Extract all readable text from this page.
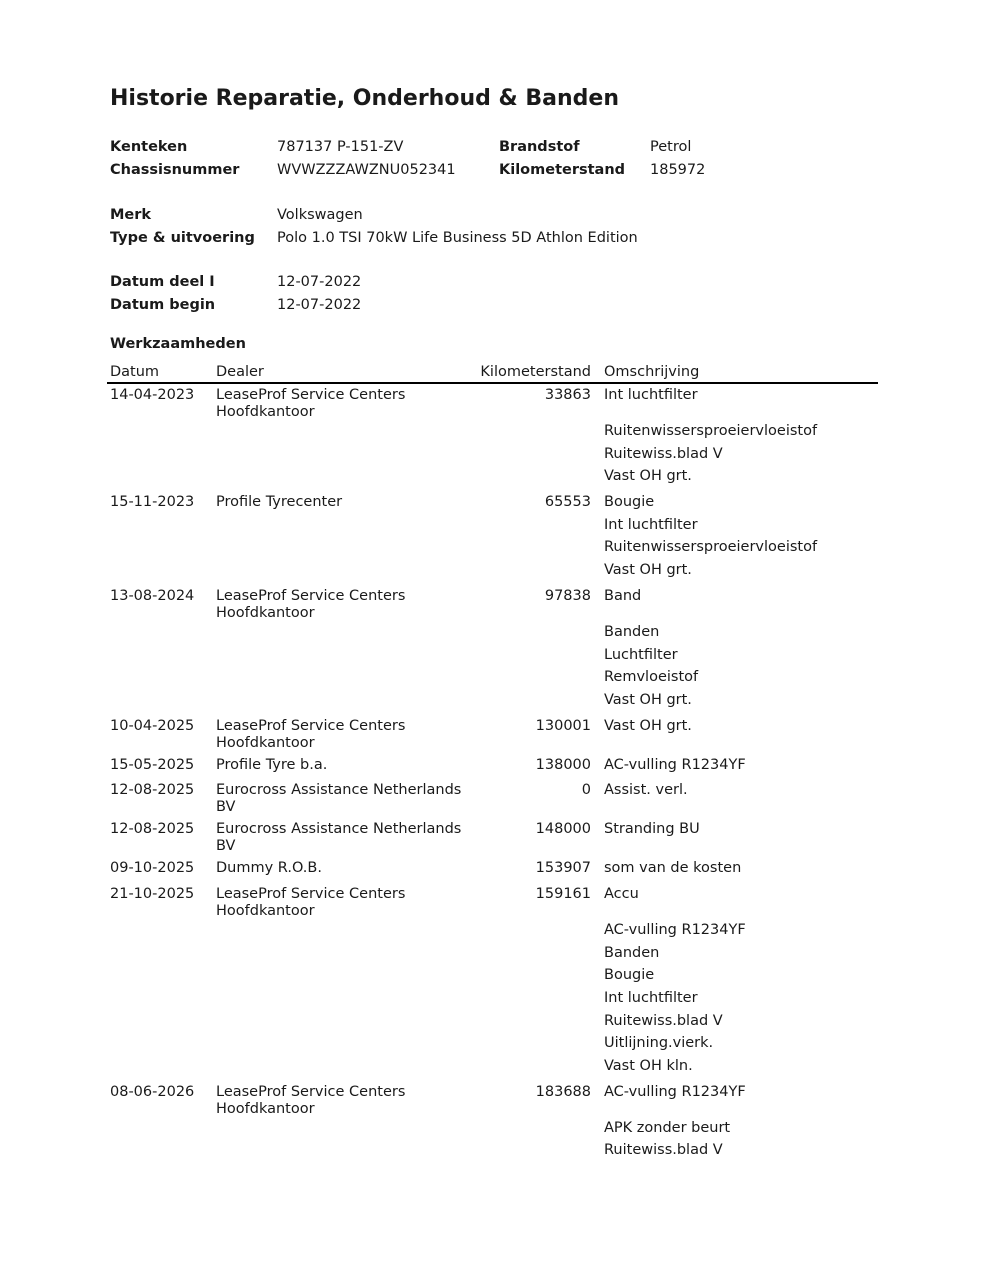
Historie Reparatie, Onderhoud & Banden
Kenteken	787137 P-151-ZV	Brandstof	Petrol
Chassisnummer	WVWZZZAWZNU052341	Kilometerstand 185972
Merk	Volkswagen
Type & uitvoering Polo 1.0 TSI 70kW Life Business 5D Athlon Edition
Datum deel I	12-07-2022
Datum begin	12-07-2022
Werkzaamheden
Datum	Dealer	Kilometerstand	Omschrijving
14-04-2023	LeaseProf Service Centers Hoofdkantoor	33863	Int luchtfilter
			Ruitenwissersproeiervloeistof
			Ruitewiss.blad V
			Vast OH grt.
15-11-2023	Profile Tyrecenter	65553	Bougie
			Int luchtfilter
			Ruitenwissersproeiervloeistof
			Vast OH grt.
13-08-2024	LeaseProf Service Centers Hoofdkantoor	97838	Band
			Banden
			Luchtfilter
			Remvloeistof
			Vast OH grt.
10-04-2025	LeaseProf Service Centers Hoofdkantoor	130001	Vast OH grt.
15-05-2025	Profile Tyre b.a.	138000	AC-vulling R1234YF
12-08-2025	Eurocross Assistance Netherlands BV	0	Assist. verl.
12-08-2025	Eurocross Assistance Netherlands BV	148000	Stranding BU
09-10-2025	Dummy R.O.B.	153907	som van de kosten
21-10-2025	LeaseProf Service Centers Hoofdkantoor	159161	Accu
			AC-vulling R1234YF
			Banden
			Bougie
			Int luchtfilter
			Ruitewiss.blad V
			Uitlijning.vierk.
			Vast OH kln.
08-06-2026	LeaseProf Service Centers Hoofdkantoor	183688	AC-vulling R1234YF
			APK zonder beurt
			Ruitewiss.blad V
